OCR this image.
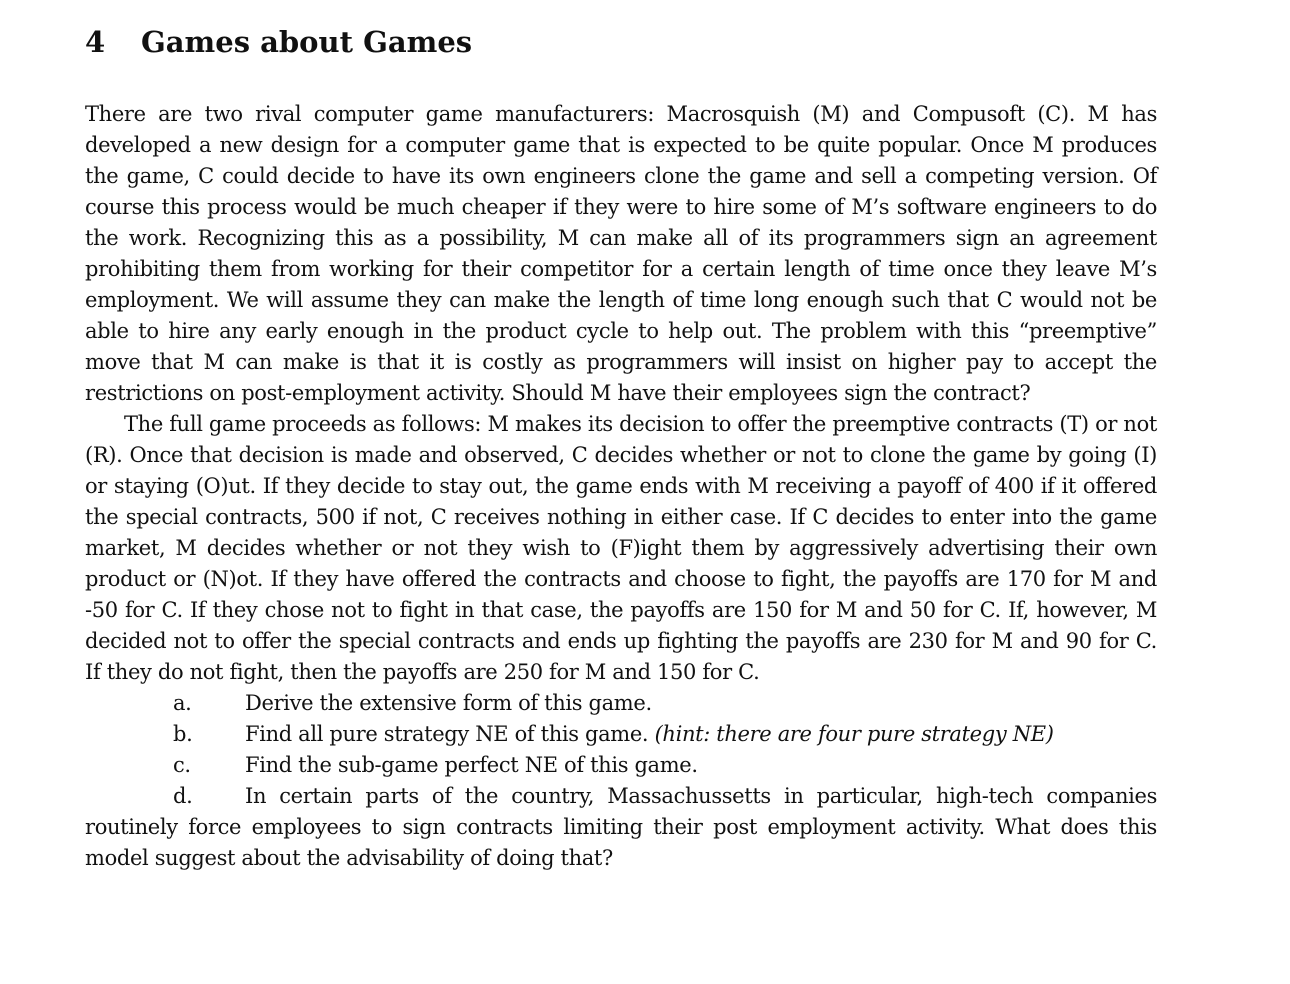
4	Games about Games

There are two rival computer game manufacturers: Macrosquish (M) and Compusoft (C). M has developed a new design for a computer game that is expected to be quite popular. Once M produces the game, C could decide to have its own engineers clone the game and sell a competing version. Of course this process would be much cheaper if they were to hire some of M’s software engineers to do the work. Recognizing this as a possibility, M can make all of its programmers sign an agreement prohibiting them from working for their competitor for a certain length of time once they leave M’s employment. We will assume they can make the length of time long enough such that C would not be able to hire any early enough in the product cycle to help out. The problem with this “preemptive” move that M can make is that it is costly as programmers will insist on higher pay to accept the restrictions on post-employment activity. Should M have their employees sign the contract?

The full game proceeds as follows: M makes its decision to offer the preemptive contracts (T) or not (R). Once that decision is made and observed, C decides whether or not to clone the game by going (I) or staying (O)ut. If they decide to stay out, the game ends with M receiving a payoff of 400 if it offered the special contracts, 500 if not, C receives nothing in either case. If C decides to enter into the game market, M decides whether or not they wish to (F)ight them by aggressively advertising their own product or (N)ot. If they have offered the contracts and choose to fight, the payoffs are 170 for M and -50 for C. If they chose not to fight in that case, the payoffs are 150 for M and 50 for C. If, however, M decided not to offer the special contracts and ends up fighting the payoffs are 230 for M and 90 for C. If they do not fight, then the payoffs are 250 for M and 150 for C.

a.	Derive the extensive form of this game.
b.	Find all pure strategy NE of this game. (hint: there are four pure strategy NE)
c.	Find the sub-game perfect NE of this game.

d.	In certain parts of the country, Massachussetts in particular, high-tech companies routinely force employees to sign contracts limiting their post employment activity. What does this model suggest about the advisability of doing that?
